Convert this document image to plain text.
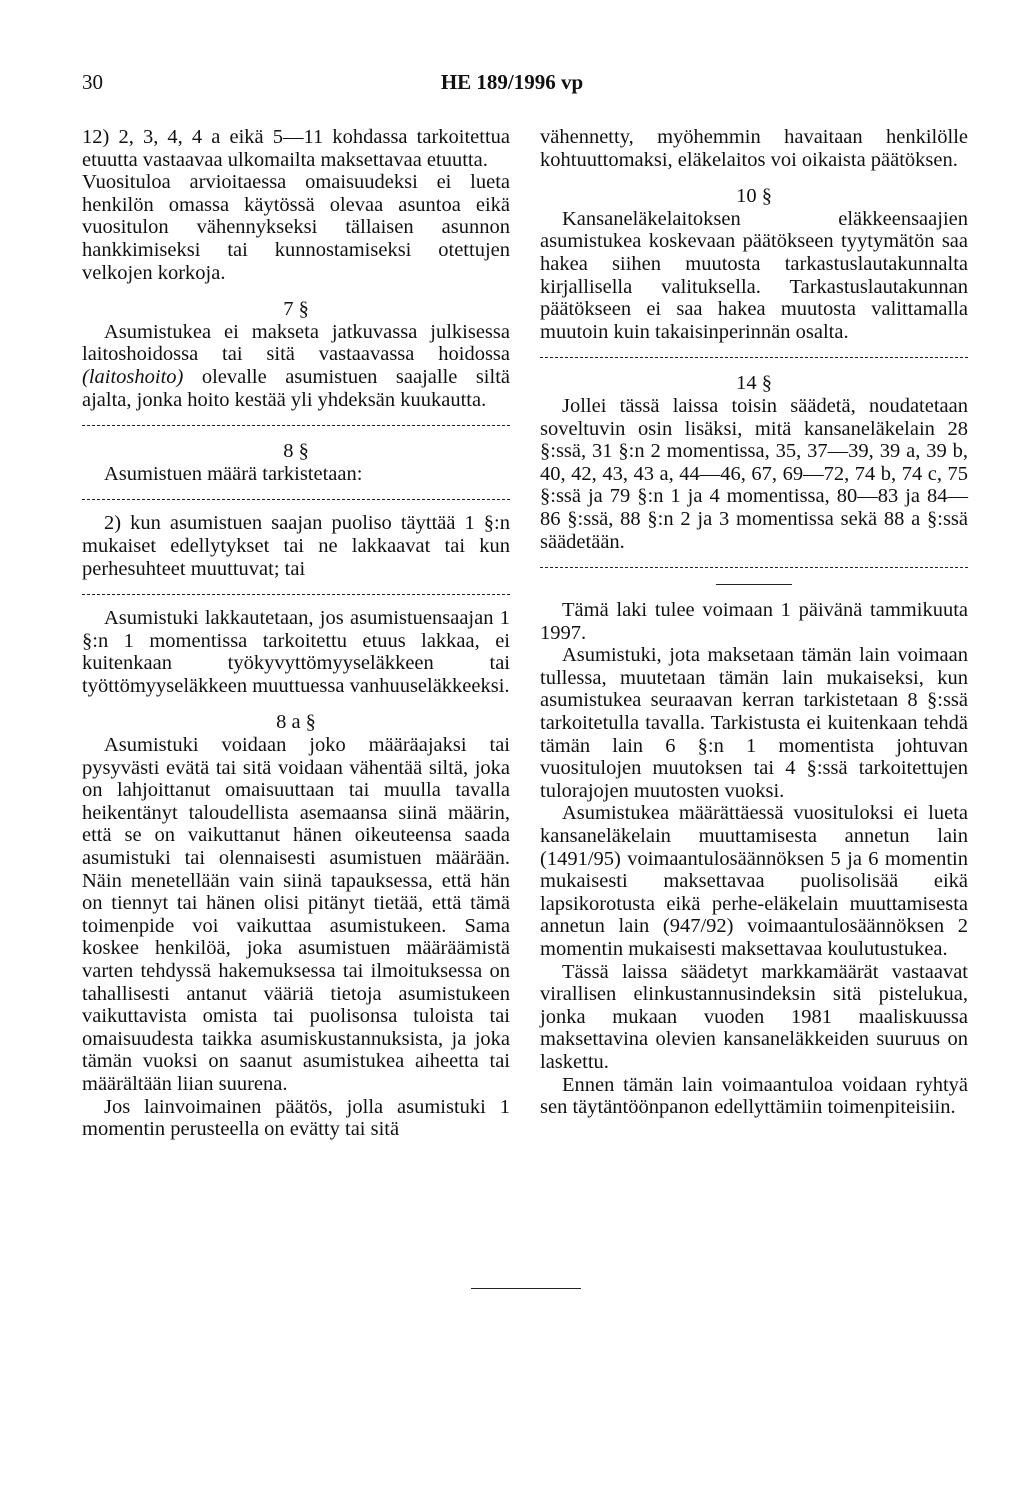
30	HE 189/1996 vp

12) 2, 3, 4, 4 a eikä 5—11 kohdassa tarkoitettua etuutta vastaavaa ulkomailta maksettavaa etuutta.

Vuosituloa arvioitaessa omaisuudeksi ei lueta henkilön omassa käytössä olevaa asuntoa eikä vuositulon vähennykseksi tällaisen asunnon hankkimiseksi tai kunnostamiseksi otettujen velkojen korkoja.

7 §

Asumistukea ei makseta jatkuvassa julkisessa laitoshoidossa tai sitä vastaavassa hoidossa (laitoshoito) olevalle asumistuen saajalle siltä ajalta, jonka hoito kestää yli yhdeksän kuukautta.

8 §

Asumistuen määrä tarkistetaan:

2) kun asumistuen saajan puoliso täyttää 1 §:n mukaiset edellytykset tai ne lakkaavat tai kun perhesuhteet muuttuvat; tai

Asumistuki lakkautetaan, jos asumistuensaajan 1 §:n 1 momentissa tarkoitettu etuus lakkaa, ei kuitenkaan työkyvyttömyyseläkkeen tai työttömyyseläkkeen muuttuessa vanhuuseläkkeeksi.

8 a §

Asumistuki voidaan joko määräajaksi tai pysyvästi evätä tai sitä voidaan vähentää siltä, joka on lahjoittanut omaisuuttaan tai muulla tavalla heikentänyt taloudellista asemaansa siinä määrin, että se on vaikuttanut hänen oikeuteensa saada asumistuki tai olennaisesti asumistuen määrään. Näin menetellään vain siinä tapauksessa, että hän on tiennyt tai hänen olisi pitänyt tietää, että tämä toimenpide voi vaikuttaa asumistukeen. Sama koskee henkilöä, joka asumistuen määräämistä varten tehdyssä hakemuksessa tai ilmoituksessa on tahallisesti antanut vääriä tietoja asumistukeen vaikuttavista omista tai puolisonsa tuloista tai omaisuudesta taikka asumiskustannuksista, ja joka tämän vuoksi on saanut asumistukea aiheetta tai määrältään liian suurena.

Jos lainvoimainen päätös, jolla asumistuki 1 momentin perusteella on evätty tai sitä

vähennetty, myöhemmin havaitaan henkilölle kohtuuttomaksi, eläkelaitos voi oikaista päätöksen.

10 §

Kansaneläkelaitoksen eläkkeensaajien asumistukea koskevaan päätökseen tyytymätön saa hakea siihen muutosta tarkastuslautakunnalta kirjallisella valituksella. Tarkastuslautakunnan päätökseen ei saa hakea muutosta valittamalla muutoin kuin takaisinperinnän osalta.

14 §

Jollei tässä laissa toisin säädetä, noudatetaan soveltuvin osin lisäksi, mitä kansaneläkelain 28 §:ssä, 31 §:n 2 momentissa, 35, 37—39, 39 a, 39 b, 40, 42, 43, 43 a, 44—46, 67, 69—72, 74 b, 74 c, 75 §:ssä ja 79 §:n 1 ja 4 momentissa, 80—83 ja 84—86 §:ssä, 88 §:n 2 ja 3 momentissa sekä 88 a §:ssä säädetään.

Tämä laki tulee voimaan 1 päivänä tammikuuta 1997.

Asumistuki, jota maksetaan tämän lain voimaan tullessa, muutetaan tämän lain mukaiseksi, kun asumistukea seuraavan kerran tarkistetaan 8 §:ssä tarkoitetulla tavalla. Tarkistusta ei kuitenkaan tehdä tämän lain 6 §:n 1 momentista johtuvan vuositulojen muutoksen tai 4 §:ssä tarkoitettujen tulorajojen muutosten vuoksi.

Asumistukea määrättäessä vuosituloksi ei lueta kansaneläkelain muuttamisesta annetun lain (1491/95) voimaantulosäännöksen 5 ja 6 momentin mukaisesti maksettavaa puolisolisää eikä lapsikorotusta eikä perhe-eläkelain muuttamisesta annetun lain (947/92) voimaantulosäännöksen 2 momentin mukaisesti maksettavaa koulutustukea.

Tässä laissa säädetyt markkamäärät vastaavat virallisen elinkustannusindeksin sitä pistelukua, jonka mukaan vuoden 1981 maaliskuussa maksettavina olevien kansaneläkkeiden suuruus on laskettu.

Ennen tämän lain voimaantuloa voidaan ryhtyä sen täytäntöönpanon edellyttämiin toimenpiteisiin.
